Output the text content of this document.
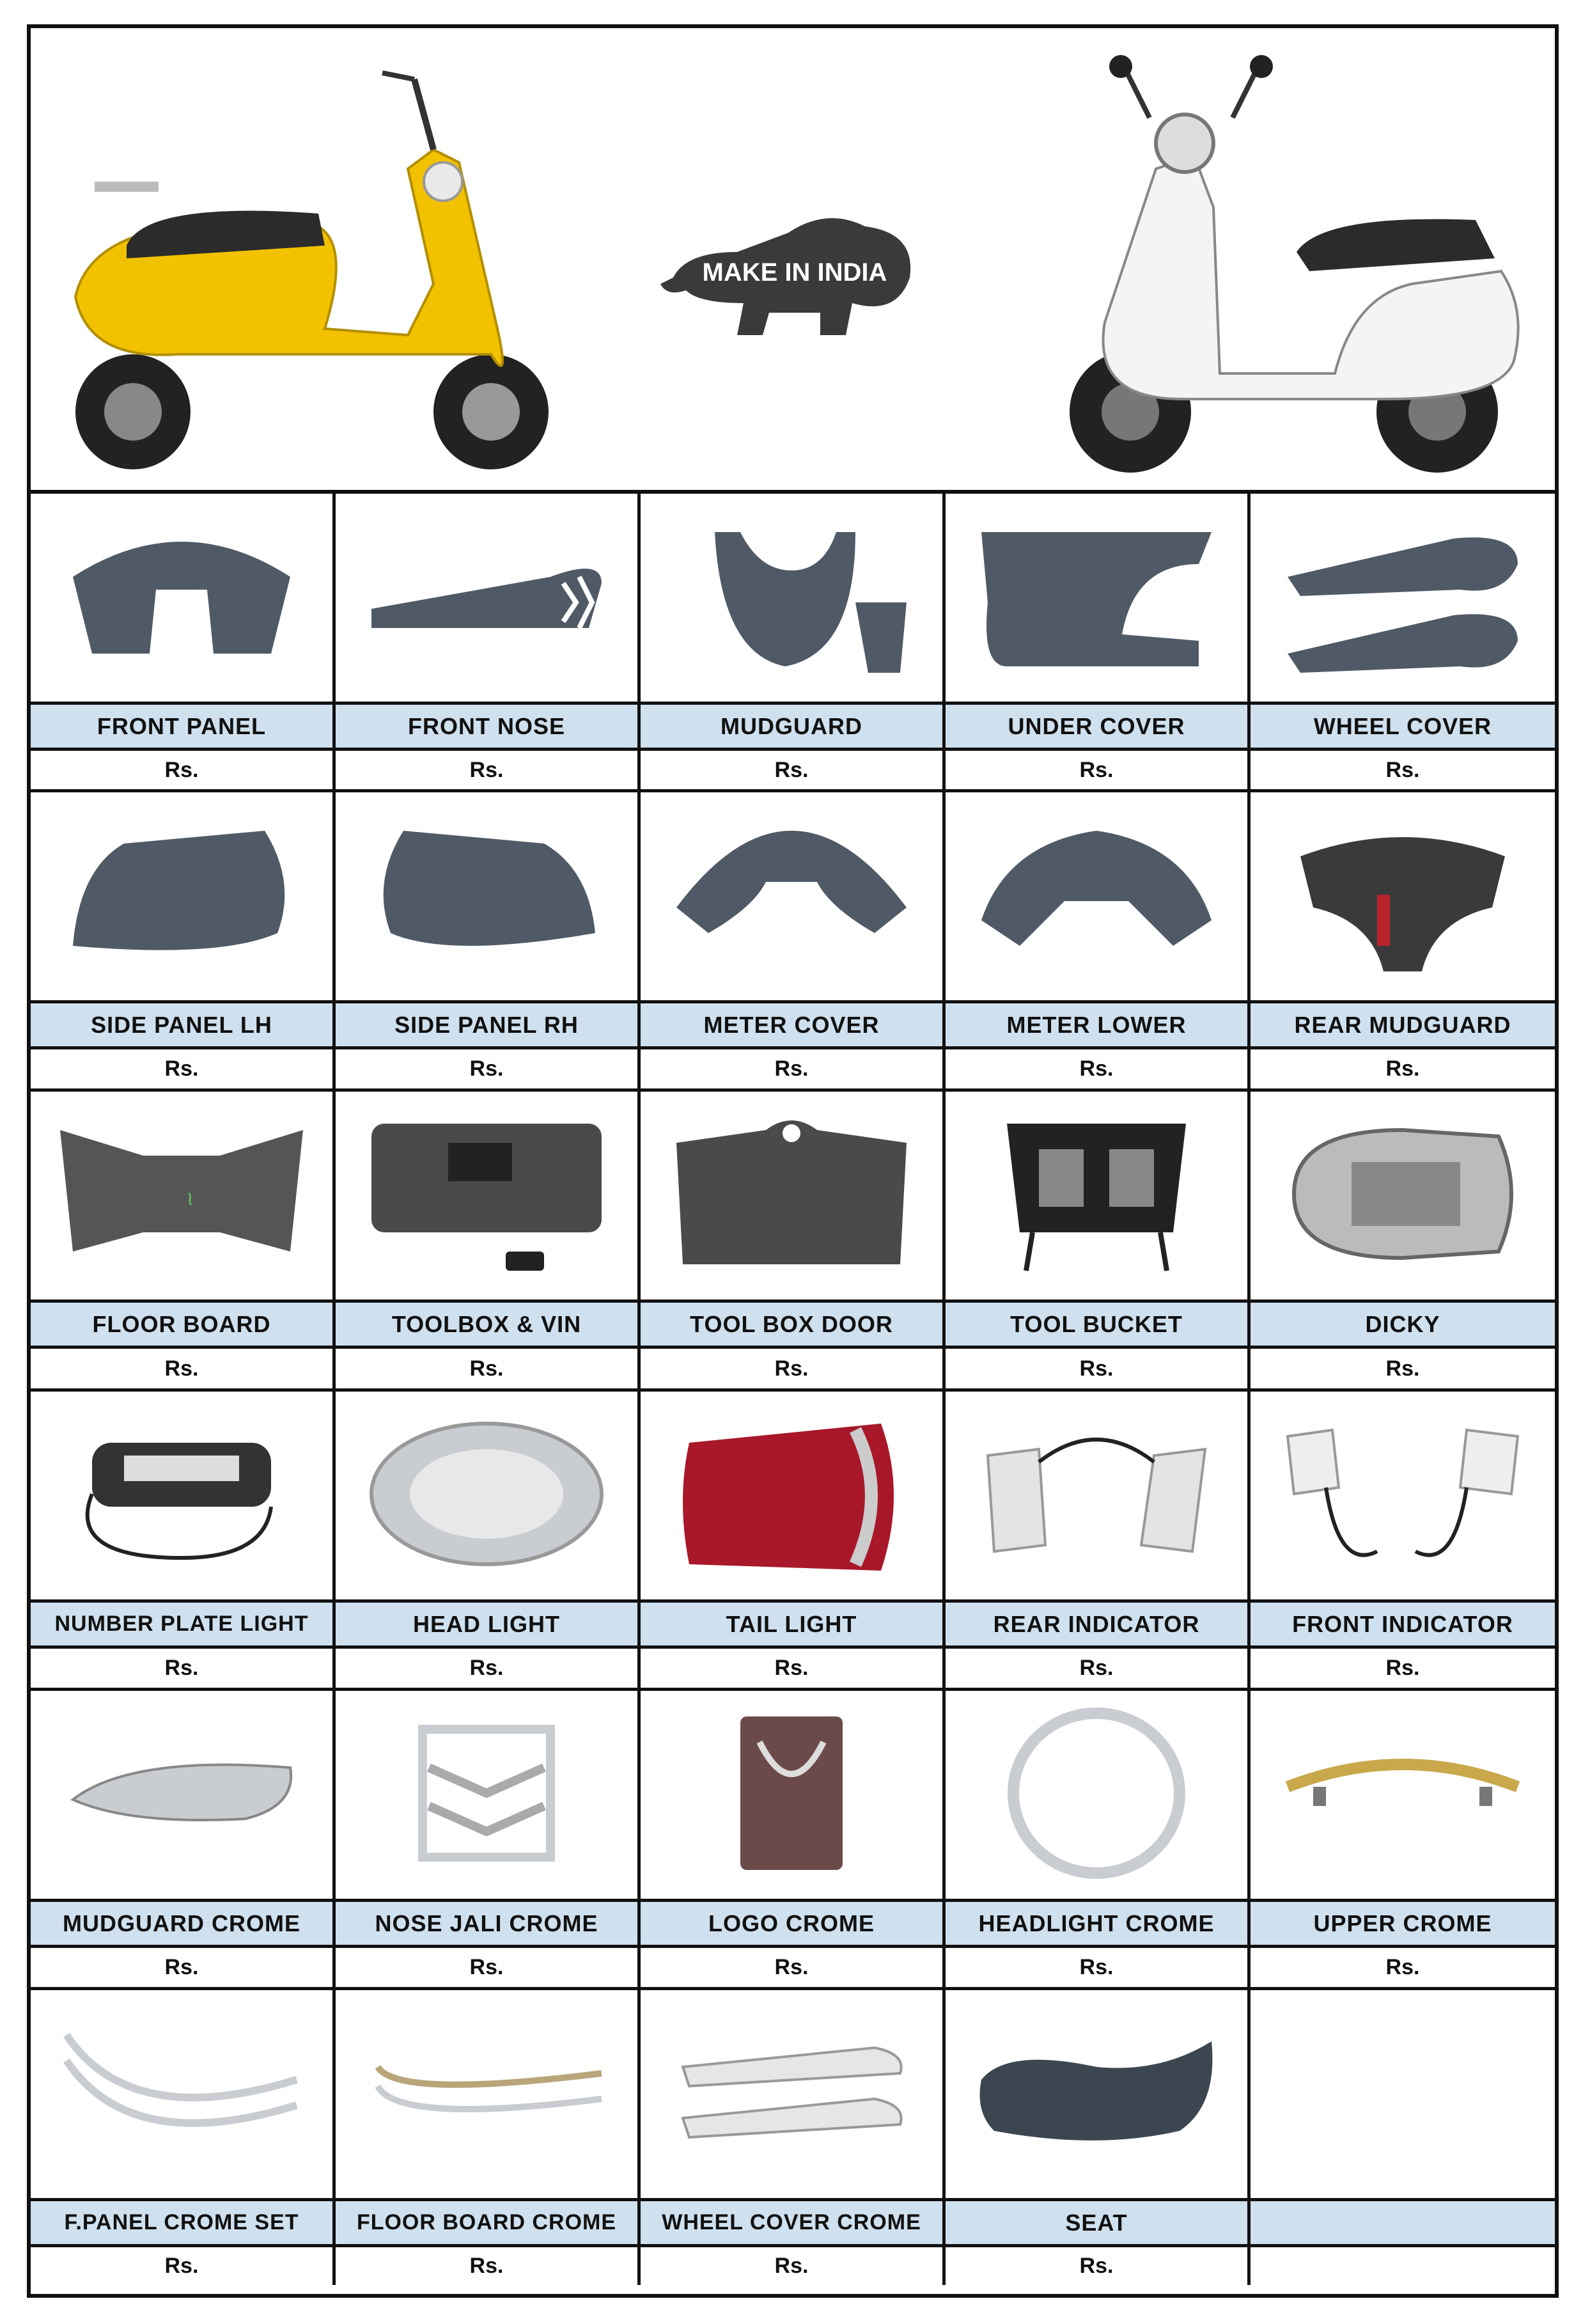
MAKE IN INDIA
FRONT PANEL
Rs.
FRONT NOSE
Rs.
MUDGUARD
Rs.
UNDER COVER
Rs.
WHEEL COVER
Rs.
SIDE PANEL LH
Rs.
SIDE PANEL RH
Rs.
METER COVER
Rs.
METER LOWER
Rs.
REAR MUDGUARD
Rs.
~
FLOOR BOARD
Rs.
TOOLBOX & VIN
Rs.
TOOL BOX DOOR
Rs.
TOOL BUCKET
Rs.
DICKY
Rs.
NUMBER PLATE LIGHT
Rs.
HEAD LIGHT
Rs.
TAIL LIGHT
Rs.
REAR INDICATOR
Rs.
FRONT INDICATOR
Rs.
MUDGUARD CROME
Rs.
NOSE JALI CROME
Rs.
LOGO CROME
Rs.
HEADLIGHT CROME
Rs.
UPPER CROME
Rs.
F.PANEL CROME SET
Rs.
FLOOR BOARD CROME
Rs.
WHEEL COVER CROME
Rs.
SEAT
Rs.
